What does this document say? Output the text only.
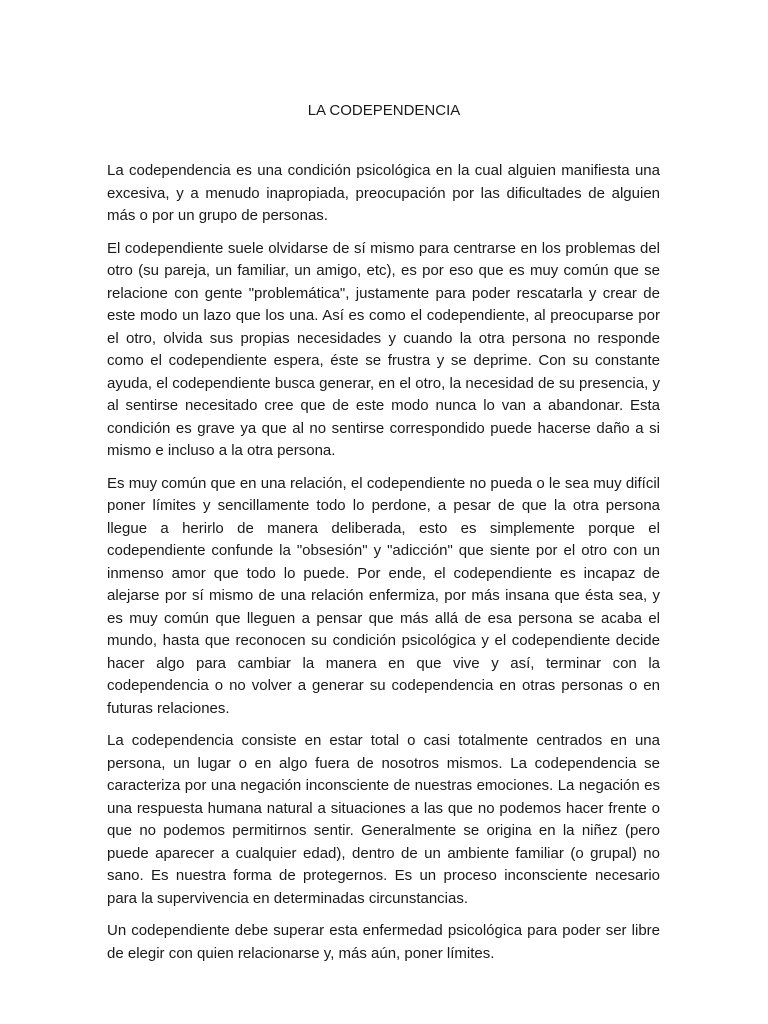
LA CODEPENDENCIA

La codependencia es una condición psicológica en la cual alguien manifiesta una excesiva, y a menudo inapropiada, preocupación por las dificultades de alguien más o por un grupo de personas.

El codependiente suele olvidarse de sí mismo para centrarse en los problemas del otro (su pareja, un familiar, un amigo, etc), es por eso que es muy común que se relacione con gente "problemática", justamente para poder rescatarla y crear de este modo un lazo que los una. Así es como el codependiente, al preocuparse por el otro, olvida sus propias necesidades y cuando la otra persona no responde como el codependiente espera, éste se frustra y se deprime. Con su constante ayuda, el codependiente busca generar, en el otro, la necesidad de su presencia, y al sentirse necesitado cree que de este modo nunca lo van a abandonar. Esta condición es grave ya que al no sentirse correspondido puede hacerse daño a si mismo e incluso a la otra persona.

Es muy común que en una relación, el codependiente no pueda o le sea muy difícil poner límites y sencillamente todo lo perdone, a pesar de que la otra persona llegue a herirlo de manera deliberada, esto es simplemente porque el codependiente confunde la "obsesión" y "adicción" que siente por el otro con un inmenso amor que todo lo puede. Por ende, el codependiente es incapaz de alejarse por sí mismo de una relación enfermiza, por más insana que ésta sea, y es muy común que lleguen a pensar que más allá de esa persona se acaba el mundo, hasta que reconocen su condición psicológica y el codependiente decide hacer algo para cambiar la manera en que vive y así, terminar con la codependencia o no volver a generar su codependencia en otras personas o en futuras relaciones.

La codependencia consiste en estar total o casi totalmente centrados en una persona, un lugar o en algo fuera de nosotros mismos. La codependencia se caracteriza por una negación inconsciente de nuestras emociones. La negación es una respuesta humana natural a situaciones a las que no podemos hacer frente o que no podemos permitirnos sentir. Generalmente se origina en la niñez (pero puede aparecer a cualquier edad), dentro de un ambiente familiar (o grupal) no sano. Es nuestra forma de protegernos. Es un proceso inconsciente necesario para la supervivencia en determinadas circunstancias.

Un codependiente debe superar esta enfermedad psicológica para poder ser libre de elegir con quien relacionarse y, más aún, poner límites.
